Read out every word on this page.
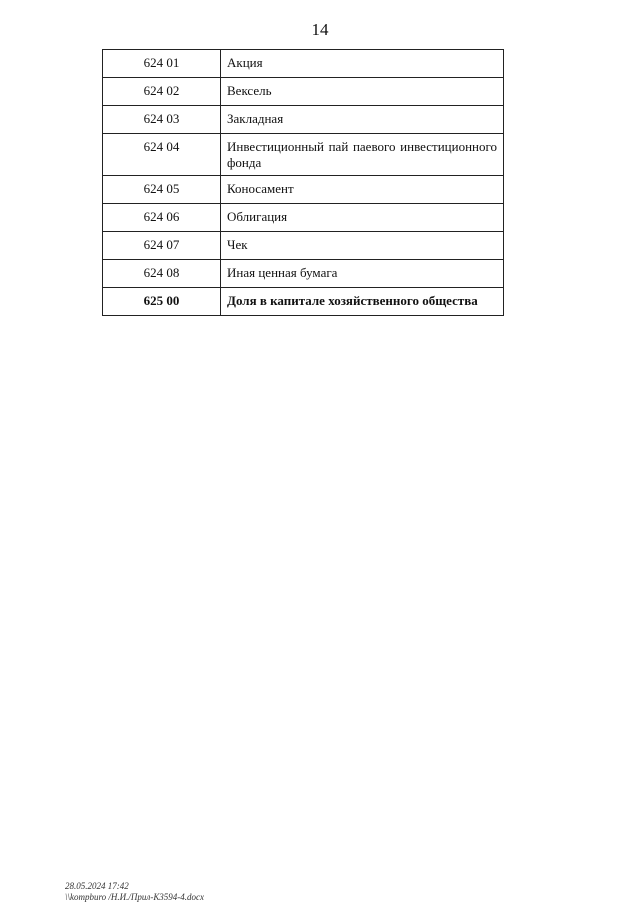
14
624 01	Акция
624 02	Вексель
624 03	Закладная
624 04	Инвестиционный пай паевого инвестиционного фонда
624 05	Коносамент
624 06	Облигация
624 07	Чек
624 08	Иная ценная бумага
625 00	Доля в капитале хозяйственного общества
28.05.2024 17:42
\\kompburo /Н.И./Прил-К3594-4.docx
